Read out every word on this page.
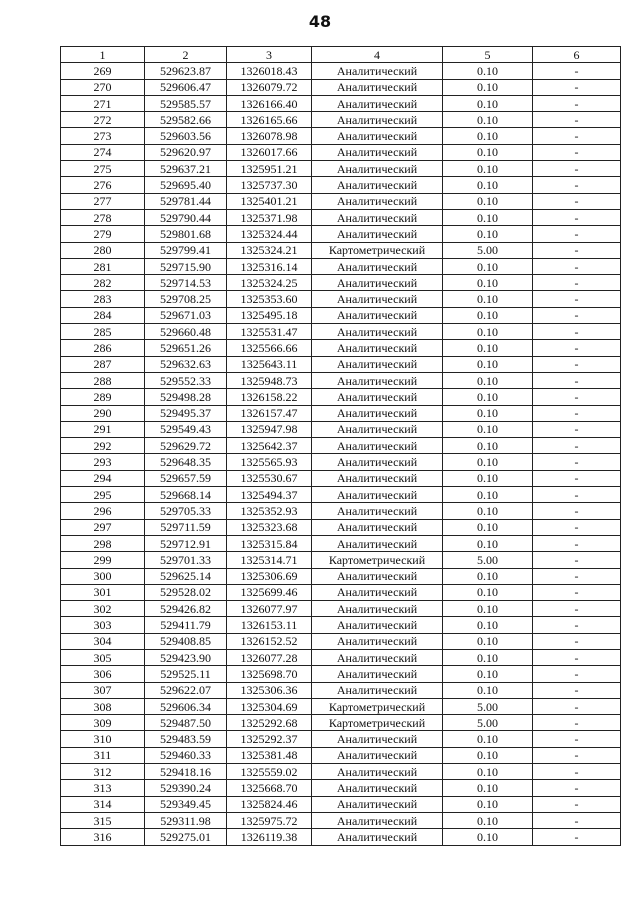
48
1	2	3	4	5	6
269	529623.87	1326018.43	Аналитический	0.10	-
270	529606.47	1326079.72	Аналитический	0.10	-
271	529585.57	1326166.40	Аналитический	0.10	-
272	529582.66	1326165.66	Аналитический	0.10	-
273	529603.56	1326078.98	Аналитический	0.10	-
274	529620.97	1326017.66	Аналитический	0.10	-
275	529637.21	1325951.21	Аналитический	0.10	-
276	529695.40	1325737.30	Аналитический	0.10	-
277	529781.44	1325401.21	Аналитический	0.10	-
278	529790.44	1325371.98	Аналитический	0.10	-
279	529801.68	1325324.44	Аналитический	0.10	-
280	529799.41	1325324.21	Картометрический	5.00	-
281	529715.90	1325316.14	Аналитический	0.10	-
282	529714.53	1325324.25	Аналитический	0.10	-
283	529708.25	1325353.60	Аналитический	0.10	-
284	529671.03	1325495.18	Аналитический	0.10	-
285	529660.48	1325531.47	Аналитический	0.10	-
286	529651.26	1325566.66	Аналитический	0.10	-
287	529632.63	1325643.11	Аналитический	0.10	-
288	529552.33	1325948.73	Аналитический	0.10	-
289	529498.28	1326158.22	Аналитический	0.10	-
290	529495.37	1326157.47	Аналитический	0.10	-
291	529549.43	1325947.98	Аналитический	0.10	-
292	529629.72	1325642.37	Аналитический	0.10	-
293	529648.35	1325565.93	Аналитический	0.10	-
294	529657.59	1325530.67	Аналитический	0.10	-
295	529668.14	1325494.37	Аналитический	0.10	-
296	529705.33	1325352.93	Аналитический	0.10	-
297	529711.59	1325323.68	Аналитический	0.10	-
298	529712.91	1325315.84	Аналитический	0.10	-
299	529701.33	1325314.71	Картометрический	5.00	-
300	529625.14	1325306.69	Аналитический	0.10	-
301	529528.02	1325699.46	Аналитический	0.10	-
302	529426.82	1326077.97	Аналитический	0.10	-
303	529411.79	1326153.11	Аналитический	0.10	-
304	529408.85	1326152.52	Аналитический	0.10	-
305	529423.90	1326077.28	Аналитический	0.10	-
306	529525.11	1325698.70	Аналитический	0.10	-
307	529622.07	1325306.36	Аналитический	0.10	-
308	529606.34	1325304.69	Картометрический	5.00	-
309	529487.50	1325292.68	Картометрический	5.00	-
310	529483.59	1325292.37	Аналитический	0.10	-
311	529460.33	1325381.48	Аналитический	0.10	-
312	529418.16	1325559.02	Аналитический	0.10	-
313	529390.24	1325668.70	Аналитический	0.10	-
314	529349.45	1325824.46	Аналитический	0.10	-
315	529311.98	1325975.72	Аналитический	0.10	-
316	529275.01	1326119.38	Аналитический	0.10	-
